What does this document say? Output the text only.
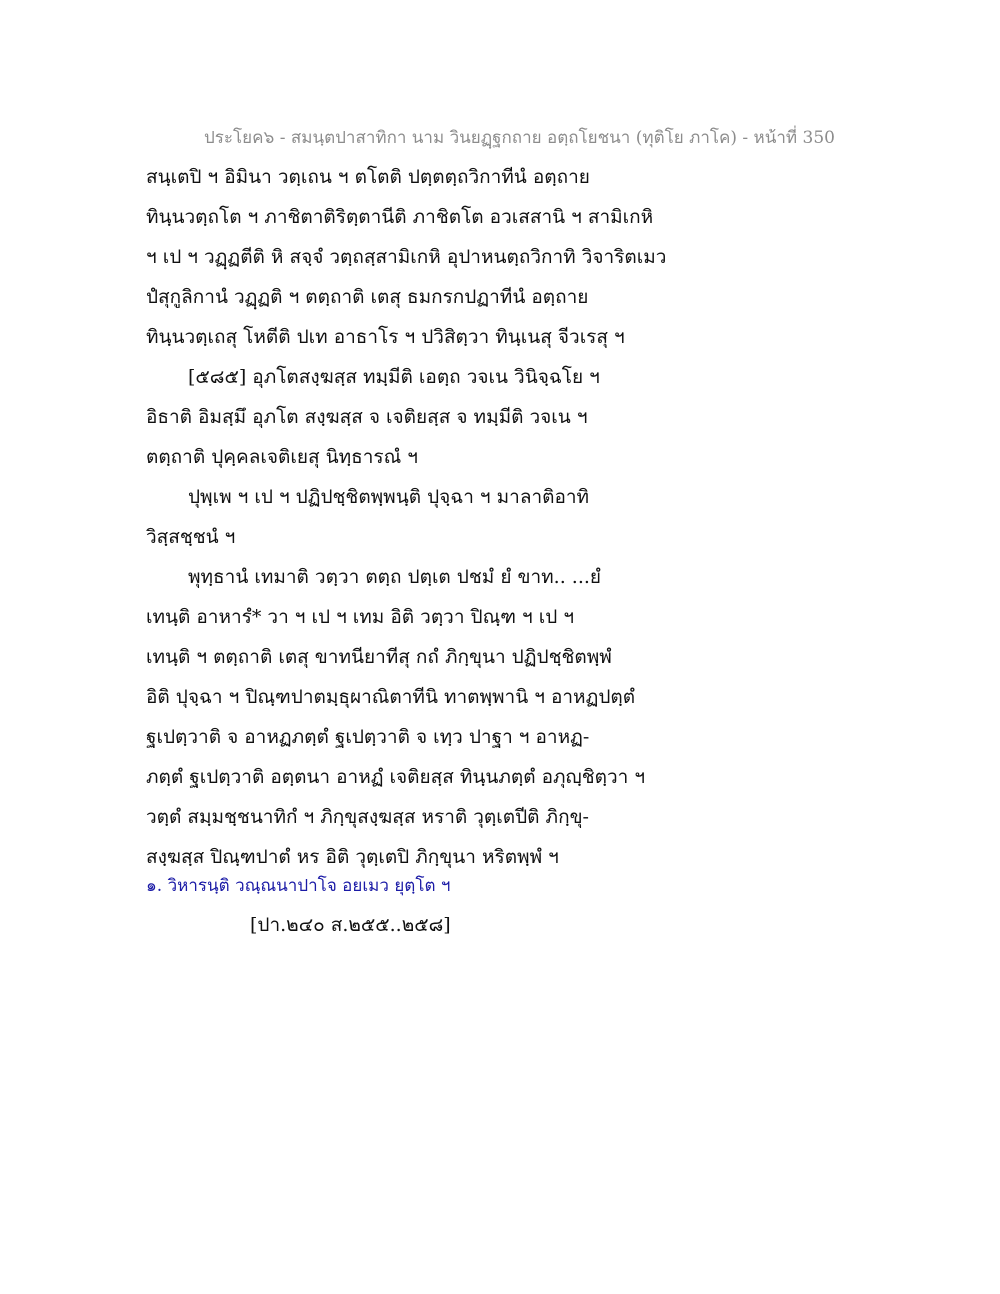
ประโยค๖ - สมนฺตปาสาทิกา นาม วินยฏฺฐกถาย อตฺถโยชนา (ทุติโย ภาโค) - หน้าที่ 350
สนฺเตปิ ฯ อิมินา วตฺเถน ฯ ตโตติ ปตฺตตฺถวิกาทีนํ อตฺถาย
ทินฺนวตฺถโต ฯ ภาชิตาติริตฺตานีติ ภาชิตโต อวเสสานิ ฯ สามิเกหิ
ฯ เป ฯ วฏฺฏตีติ หิ สจฺจํ วตฺถสฺสามิเกหิ อุปาหนตฺถวิกาทิ วิจาริตเมว
ปํสุกูลิกานํ วฏฺฏติ ฯ ตตฺถาติ เตสุ ธมกรกปฏาทีนํ อตฺถาย
ทินฺนวตฺเถสุ โหตีติ ปเท อาธาโร ฯ ปวิสิตฺวา ทินฺเนสุ จีวเรสุ ฯ
[๕๘๕] อุภโตสงฺฆสฺส ทมฺมีติ เอตฺถ วจเน วินิจฺฉโย ฯ
อิธาติ อิมสฺมึ อุภโต สงฺฆสฺส จ เจติยสฺส จ ทมฺมีติ วจเน ฯ
ตตฺถาติ ปุคฺคลเจติเยสุ นิทฺธารณํ ฯ
ปุพฺเพ ฯ เป ฯ ปฏิปชฺชิตพฺพนฺติ ปุจฺฉา ฯ มาลาติอาทิ
วิสฺสชฺชนํ ฯ
พุทฺธานํ เทมาติ วตฺวา ตตฺถ ปตฺเต ปชมํ ยํ ขาท.. ...ยํ
เทนฺติ อาหารํ* วา ฯ เป ฯ เทม อิติ วตฺวา ปิณฺฑ ฯ เป ฯ
เทนฺติ ฯ ตตฺถาติ เตสุ ขาทนียาทีสุ กถํ ภิกฺขุนา ปฏิปชฺชิตพฺพํ
อิติ ปุจฺฉา ฯ ปิณฺฑปาตมฺธุผาณิตาทีนิ ทาตพฺพานิ ฯ อาหฏปตฺตํ
ฐเปตฺวาติ จ อาหฏภตฺตํ ฐเปตฺวาติ จ เทฺว ปาฐา ฯ อาหฏ-
ภตฺตํ ฐเปตฺวาติ อตฺตนา อาหฏํ เจติยสฺส ทินฺนภตฺตํ อภุญฺชิตฺวา ฯ
วตฺตํ สมฺมชฺชนาทิกํ ฯ ภิกฺขุสงฺฆสฺส หราติ วุตฺเตปีติ ภิกฺขุ-
สงฺฆสฺส ปิณฺฑปาตํ หร อิติ วุตฺเตปิ ภิกฺขุนา หริตพฺพํ ฯ
๑. วิหารนฺติ วณฺณนาปาโจ อยเมว ยุตฺโต ฯ
[ปา.๒๔๐ ส.๒๕๕..๒๕๘]
